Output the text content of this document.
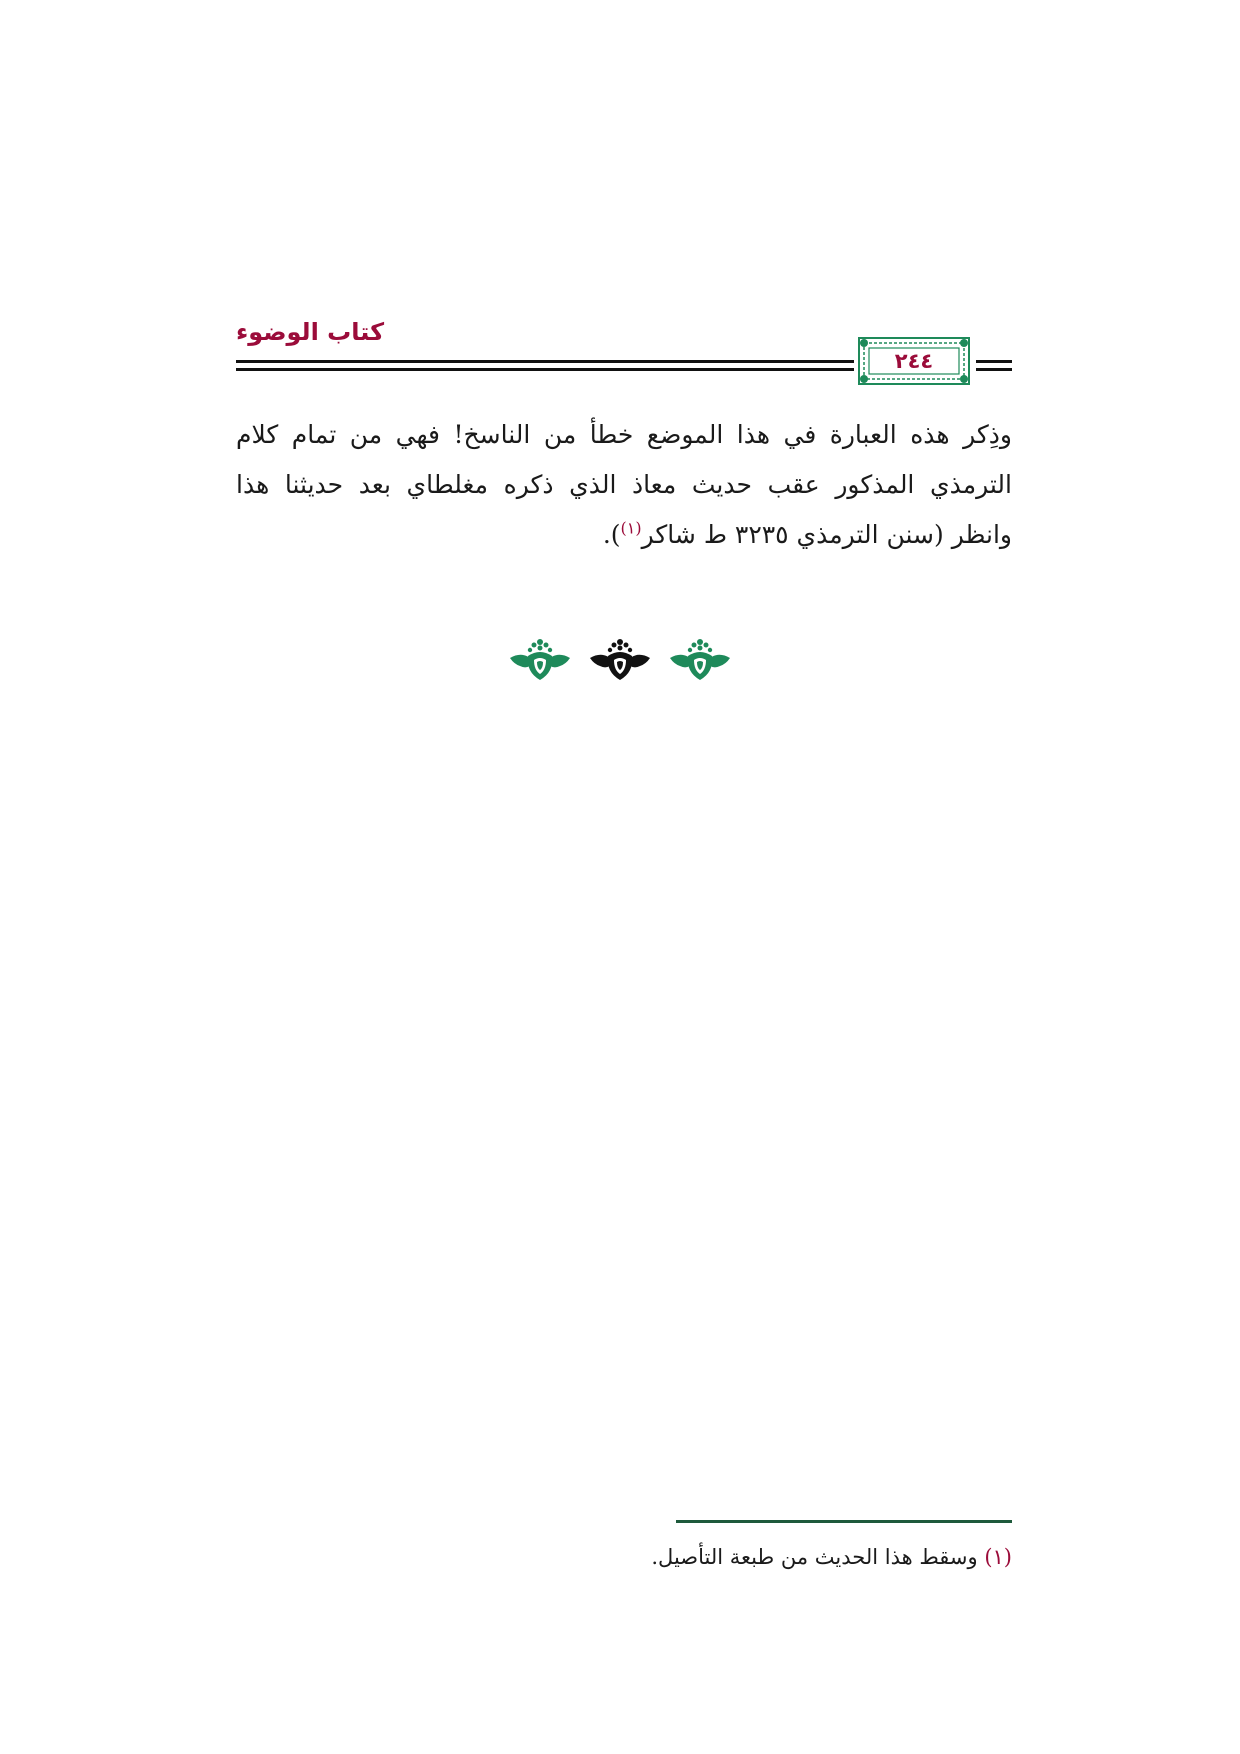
كتاب الوضوء
٢٤٤
وذِكر هذه العبارة في هذا الموضع خطأ من الناسخ! فهي من تمام كلام
الترمذي المذكور عقب حديث معاذ الذي ذكره مغلطاي بعد حديثنا هذا
وانظر (سنن الترمذي ٣٢٣٥ ط شاكر$^{(١)}$).
(١) وسقط هذا الحديث من طبعة التأصيل.
